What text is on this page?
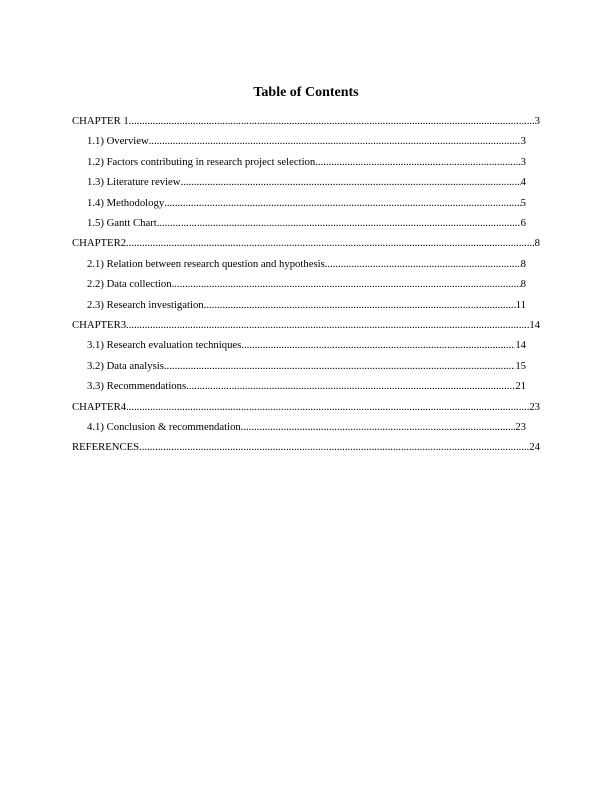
Table of Contents
CHAPTER 1 .....	3
1.1) Overview .....	3
1.2) Factors contributing in research project selection .....	3
1.3) Literature review .....	4
1.4) Methodology .....	5
1.5) Gantt Chart .....	6
CHAPTER2 .....	8
2.1) Relation between research question and hypothesis .....	8
2.2) Data collection .....	8
2.3) Research investigation .....	11
CHAPTER3 .....	14
3.1) Research evaluation techniques .....	14
3.2) Data analysis .....	15
3.3) Recommendations .....	21
CHAPTER4 .....	23
4.1) Conclusion & recommendation .....	23
REFERENCES .....	24
